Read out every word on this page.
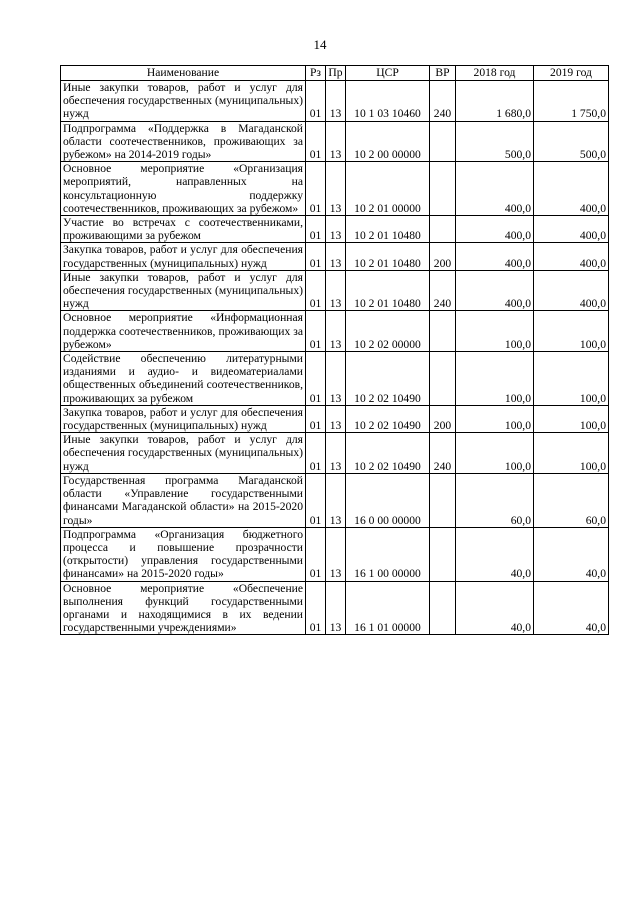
14
Наименование	Рз	Пр	ЦСР	ВР	2018 год	2019 год
Иные закупки товаров, работ и услуг для обеспечения государственных (муниципальных) нужд	01	13	10 1 03 10460	240	1 680,0	1 750,0
Подпрограмма «Поддержка в Магаданской области соотечественников, проживающих за рубежом» на 2014-2019 годы»	01	13	10 2 00 00000		500,0	500,0
Основное мероприятие «Организация мероприятий, направленных на консультационную поддержку соотечественников, проживающих за рубежом»	01	13	10 2 01 00000		400,0	400,0
Участие во встречах с соотечественниками, проживающими за рубежом	01	13	10 2 01 10480		400,0	400,0
Закупка товаров, работ и услуг для обеспечения государственных (муниципальных) нужд	01	13	10 2 01 10480	200	400,0	400,0
Иные закупки товаров, работ и услуг для обеспечения государственных (муниципальных) нужд	01	13	10 2 01 10480	240	400,0	400,0
Основное мероприятие «Информационная поддержка соотечественников, проживающих за рубежом»	01	13	10 2 02 00000		100,0	100,0
Содействие обеспечению литературными изданиями и аудио- и видеоматериалами общественных объединений соотечественников, проживающих за рубежом	01	13	10 2 02 10490		100,0	100,0
Закупка товаров, работ и услуг для обеспечения государственных (муниципальных) нужд	01	13	10 2 02 10490	200	100,0	100,0
Иные закупки товаров, работ и услуг для обеспечения государственных (муниципальных) нужд	01	13	10 2 02 10490	240	100,0	100,0
Государственная программа Магаданской области «Управление государственными финансами Магаданской области» на 2015-2020 годы»	01	13	16 0 00 00000		60,0	60,0
Подпрограмма «Организация бюджетного процесса и повышение прозрачности (открытости) управления государственными финансами» на 2015-2020 годы»	01	13	16 1 00 00000		40,0	40,0
Основное мероприятие «Обеспечение выполнения функций государственными органами и находящимися в их ведении государственными учреждениями»	01	13	16 1 01 00000		40,0	40,0
